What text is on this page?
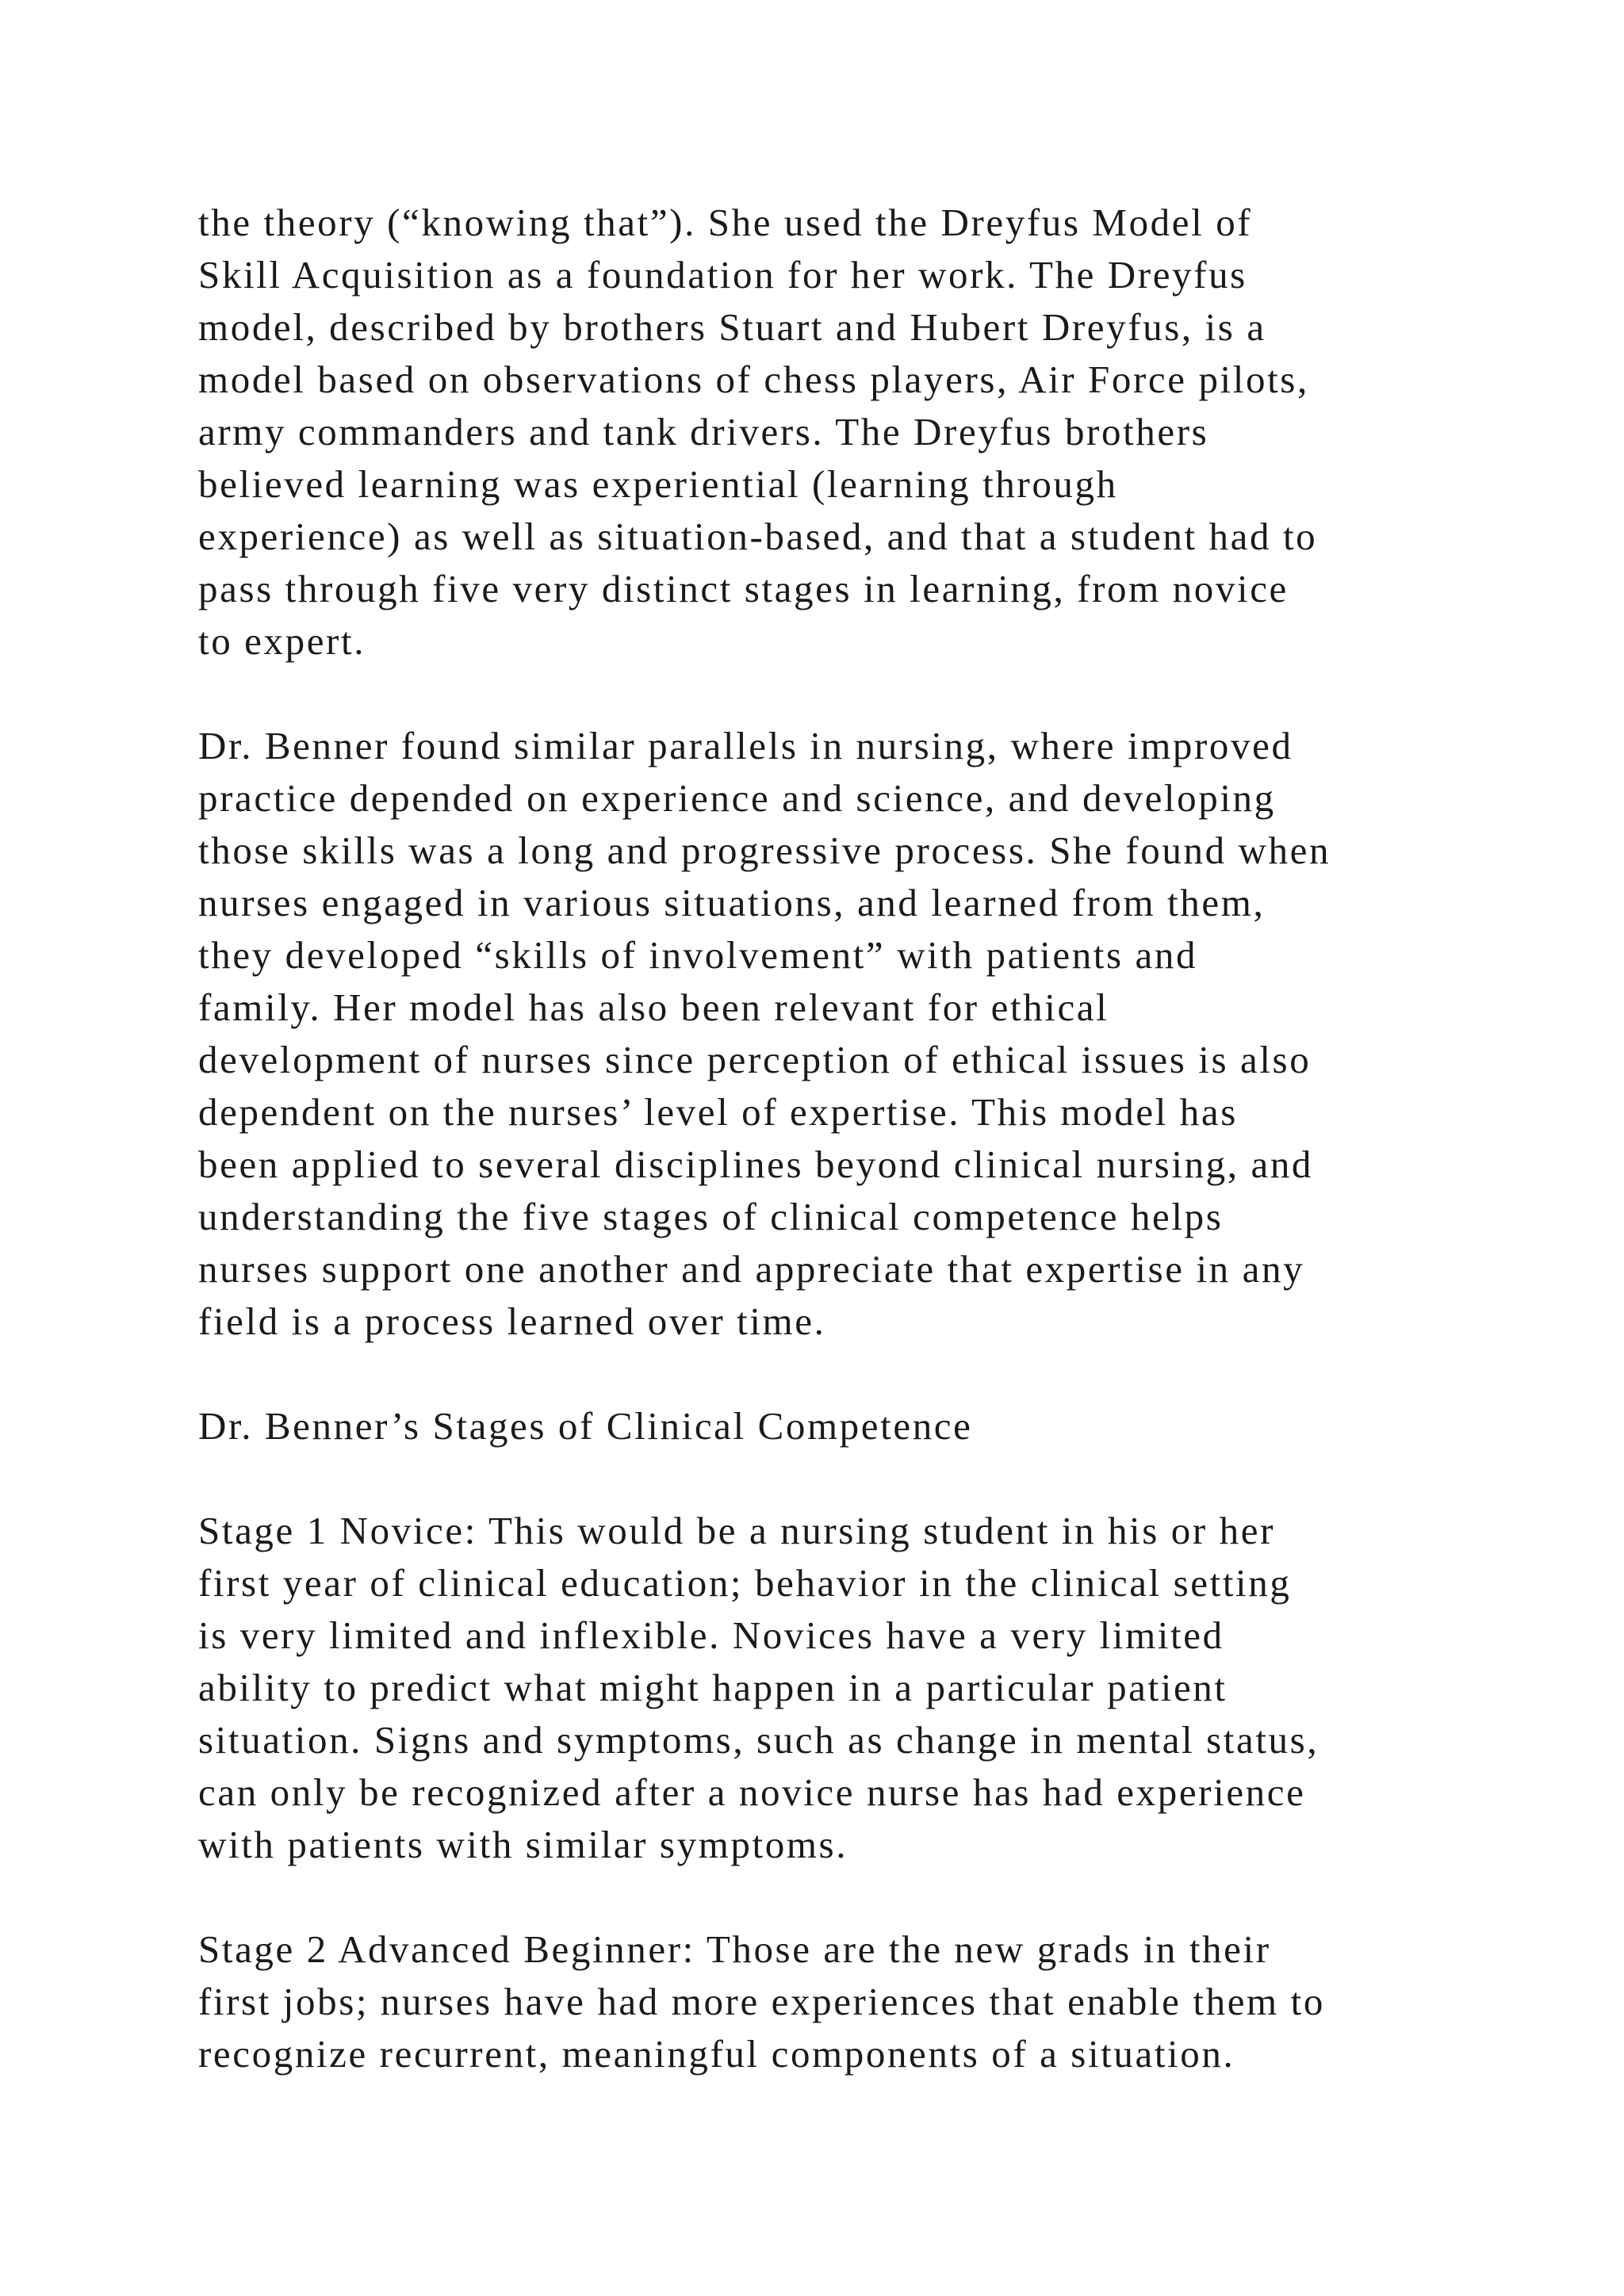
the theory (“knowing that”). She used the Dreyfus Model of
Skill Acquisition as a foundation for her work. The Dreyfus
model, described by brothers Stuart and Hubert Dreyfus, is a
model based on observations of chess players, Air Force pilots,
army commanders and tank drivers. The Dreyfus brothers
believed learning was experiential (learning through
experience) as well as situation-based, and that a student had to
pass through five very distinct stages in learning, from novice
to expert.
Dr. Benner found similar parallels in nursing, where improved
practice depended on experience and science, and developing
those skills was a long and progressive process. She found when
nurses engaged in various situations, and learned from them,
they developed “skills of involvement” with patients and
family. Her model has also been relevant for ethical
development of nurses since perception of ethical issues is also
dependent on the nurses’ level of expertise. This model has
been applied to several disciplines beyond clinical nursing, and
understanding the five stages of clinical competence helps
nurses support one another and appreciate that expertise in any
field is a process learned over time.
Dr. Benner’s Stages of Clinical Competence
Stage 1 Novice: This would be a nursing student in his or her
first year of clinical education; behavior in the clinical setting
is very limited and inflexible. Novices have a very limited
ability to predict what might happen in a particular patient
situation. Signs and symptoms, such as change in mental status,
can only be recognized after a novice nurse has had experience
with patients with similar symptoms.
Stage 2 Advanced Beginner: Those are the new grads in their
first jobs; nurses have had more experiences that enable them to
recognize recurrent, meaningful components of a situation.
